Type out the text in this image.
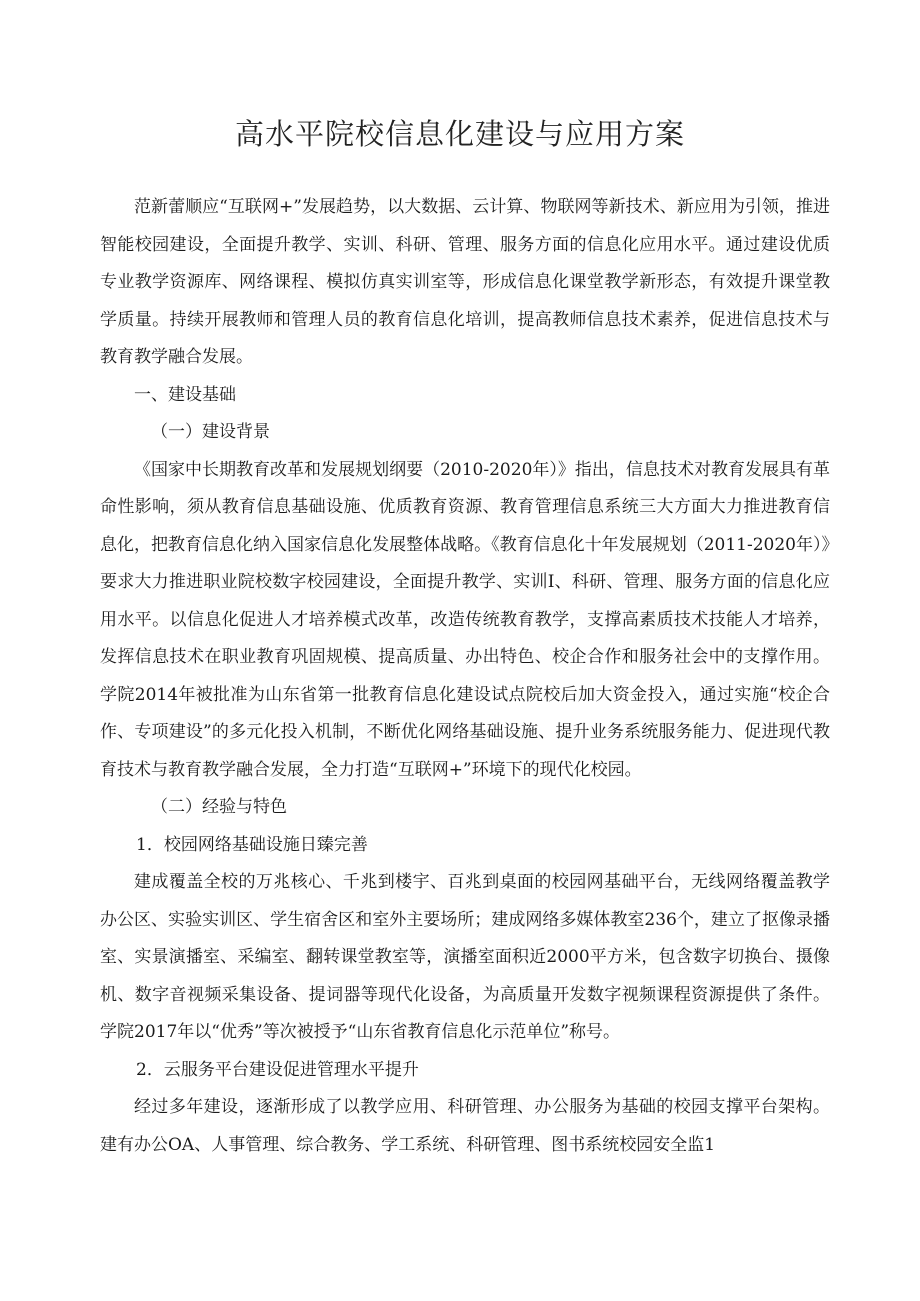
高水平院校信息化建设与应用方案

范新蕾顺应“互联网+”发展趋势，以大数据、云计算、物联网等新技术、新应用为引领，推进智能校园建设，全面提升教学、实训、科研、管理、服务方面的信息化应用水平。通过建设优质专业教学资源库、网络课程、模拟仿真实训室等，形成信息化课堂教学新形态，有效提升课堂教学质量。持续开展教师和管理人员的教育信息化培训，提高教师信息技术素养，促进信息技术与教育教学融合发展。

一、建设基础

（一）建设背景

《国家中长期教育改革和发展规划纲要（2010-2020年）》指出，信息技术对教育发展具有革命性影响，须从教育信息基础设施、优质教育资源、教育管理信息系统三大方面大力推进教育信息化，把教育信息化纳入国家信息化发展整体战略。《教育信息化十年发展规划（2011-2020年）》要求大力推进职业院校数字校园建设，全面提升教学、实训I、科研、管理、服务方面的信息化应用水平。以信息化促进人才培养模式改革，改造传统教育教学，支撑高素质技术技能人才培养，发挥信息技术在职业教育巩固规模、提高质量、办出特色、校企合作和服务社会中的支撑作用。学院2014年被批准为山东省第一批教育信息化建设试点院校后加大资金投入，通过实施“校企合作、专项建设”的多元化投入机制，不断优化网络基础设施、提升业务系统服务能力、促进现代教育技术与教育教学融合发展，全力打造“互联网+”环境下的现代化校园。

（二）经验与特色

1．校园网络基础设施日臻完善

建成覆盖全校的万兆核心、千兆到楼宇、百兆到桌面的校园网基础平台，无线网络覆盖教学办公区、实验实训区、学生宿舍区和室外主要场所；建成网络多媒体教室236个，建立了抠像录播室、实景演播室、采编室、翻转课堂教室等，演播室面积近2000平方米，包含数字切换台、摄像机、数字音视频采集设备、提词器等现代化设备，为高质量开发数字视频课程资源提供了条件。学院2017年以“优秀”等次被授予“山东省教育信息化示范单位”称号。

2．云服务平台建设促进管理水平提升

经过多年建设，逐渐形成了以教学应用、科研管理、办公服务为基础的校园支撑平台架构。建有办公OA、人事管理、综合教务、学工系统、科研管理、图书系统校园安全监1
